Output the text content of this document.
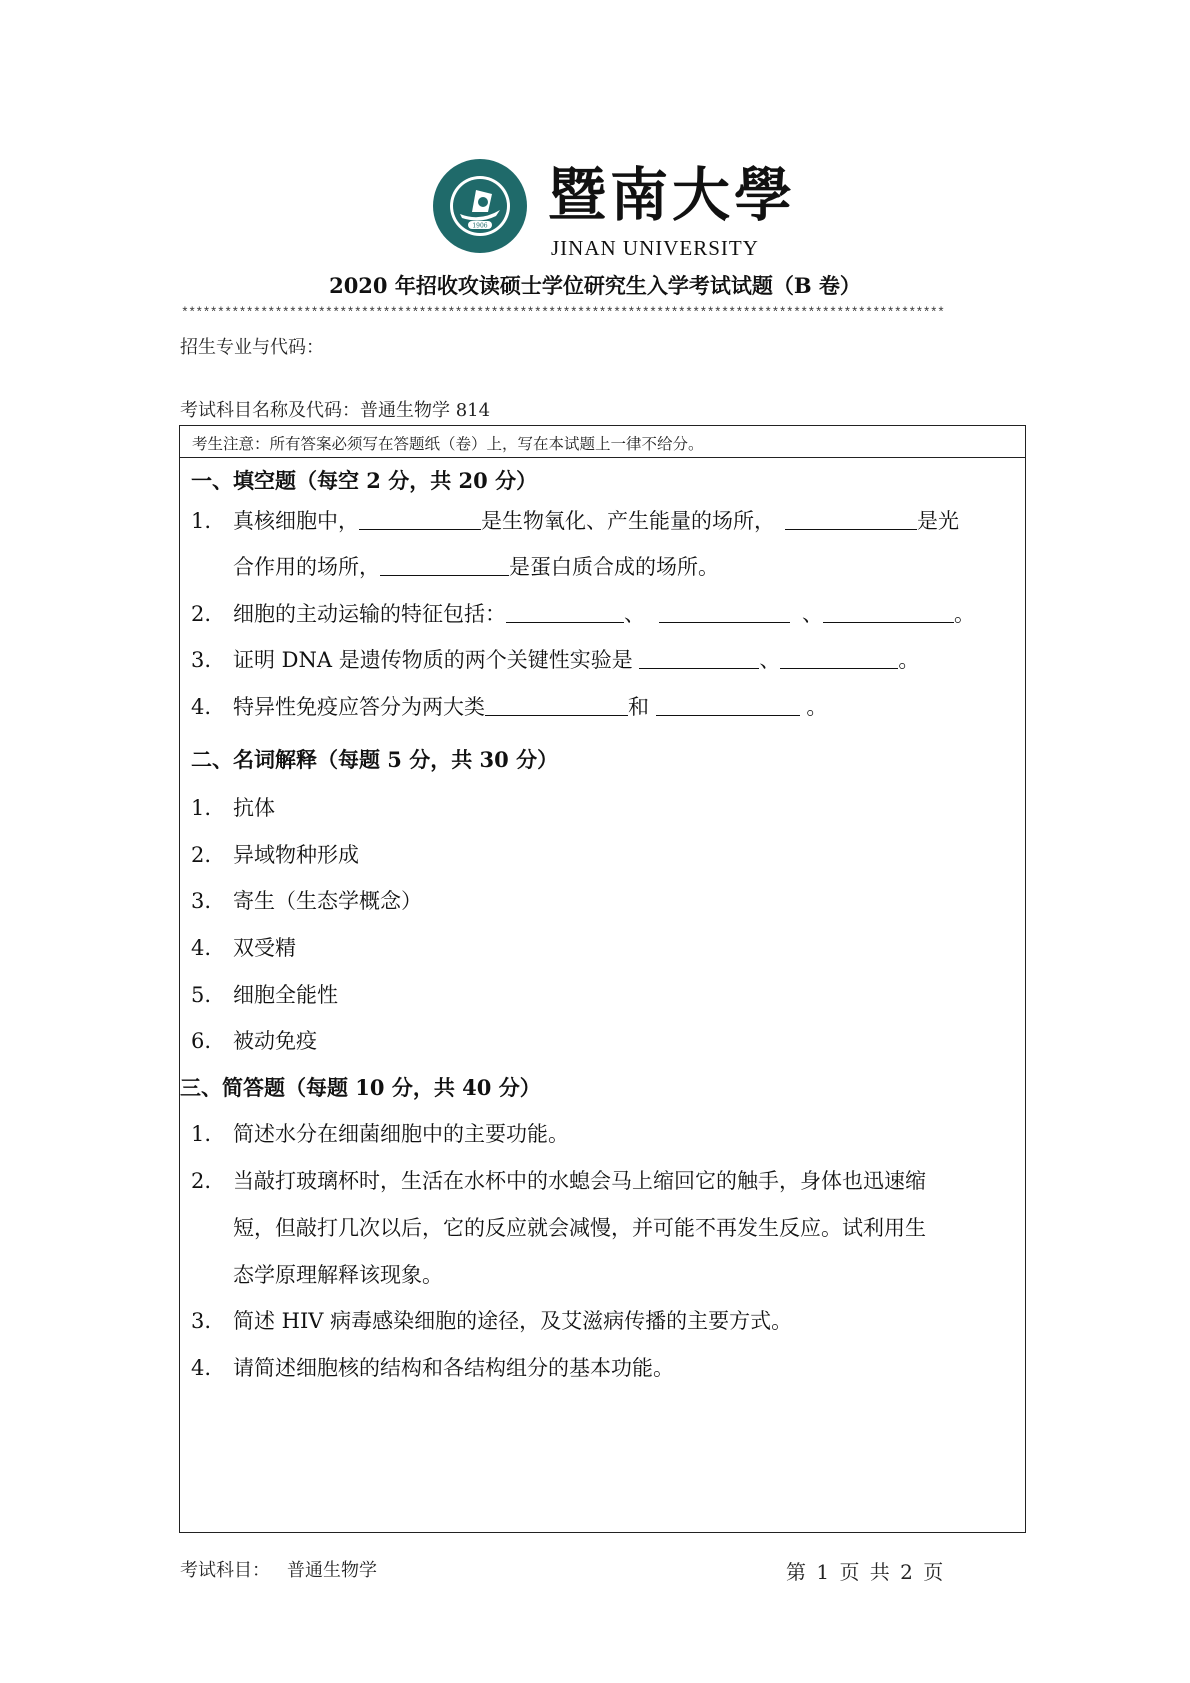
1906 暨南大學
JINAN UNIVERSITY
2020 年招收攻读硕士学位研究生入学考试试题（B 卷）
**********************************************************************************************************
招生专业与代码：
考试科目名称及代码：普通生物学 814
考生注意：所有答案必须写在答题纸（卷）上，写在本试题上一律不给分。
一、填空题（每空 2 分，共 20 分）
1. 真核细胞中，	是生物氧化、产生能量的场所，	是光
合作用的场所，	是蛋白质合成的场所。
2. 细胞的主动运输的特征包括：	、	、	。
3. 证明 DNA 是遗传物质的两个关键性实验是	、	。
4. 特异性免疫应答分为两大类	和	。
二、名词解释（每题 5 分，共 30 分）
1. 抗体
2. 异域物种形成
3. 寄生（生态学概念）
4. 双受精
5. 细胞全能性
6. 被动免疫
三、简答题（每题 10 分，共 40 分）
1. 简述水分在细菌细胞中的主要功能。
2. 当敲打玻璃杯时，生活在水杯中的水螅会马上缩回它的触手，身体也迅速缩
短，但敲打几次以后，它的反应就会减慢，并可能不再发生反应。试利用生
态学原理解释该现象。
3. 简述 HIV 病毒感染细胞的途径，及艾滋病传播的主要方式。
4. 请简述细胞核的结构和各结构组分的基本功能。
考试科目： 普通生物学	第 1 页 共 2 页
